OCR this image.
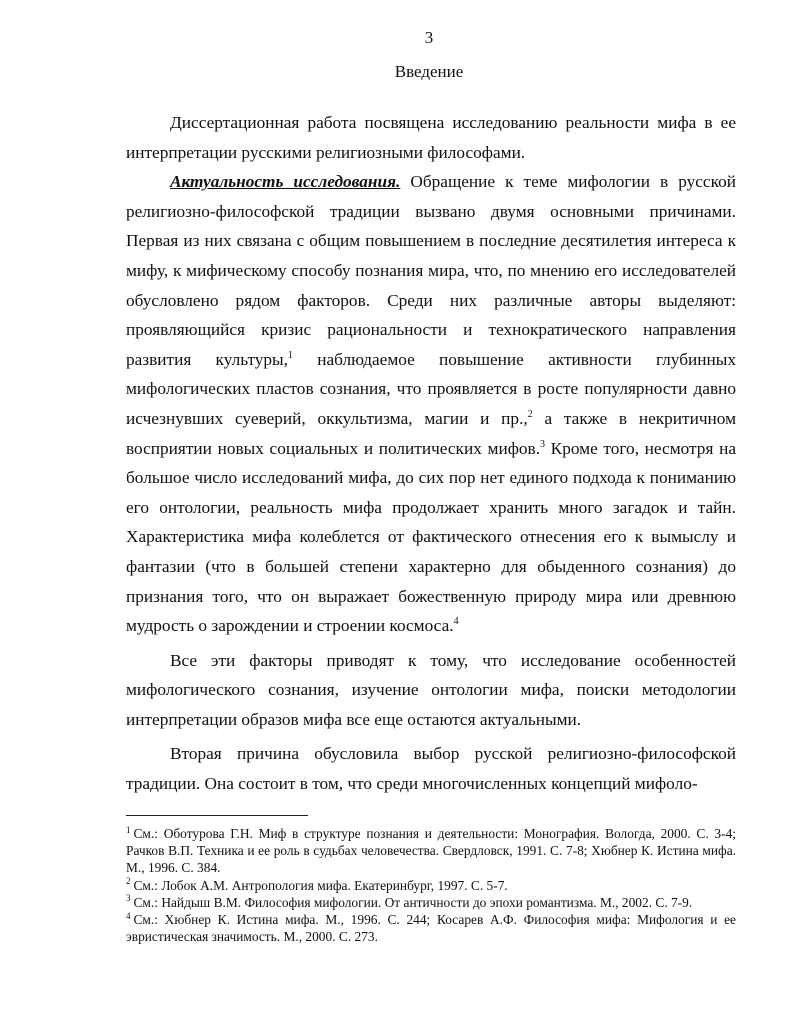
3
Введение

Диссертационная работа посвящена исследованию реальности мифа в ее интерпретации русскими религиозными философами.

Актуальность исследования. Обращение к теме мифологии в русской религиозно-философской традиции вызвано двумя основными причинами. Первая из них связана с общим повышением в последние десятилетия интереса к мифу, к мифическому способу познания мира, что, по мнению его исследователей обусловлено рядом факторов. Среди них различные авторы выделяют: проявляющийся кризис рациональности и технократического направления развития культуры,$^1$ наблюдаемое повышение активности глубинных мифологических пластов сознания, что проявляется в росте популярности давно исчезнувших суеверий, оккультизма, магии и пр.,$^2$ а также в некритичном восприятии новых социальных и политических мифов.$^3$ Кроме того, несмотря на большое число исследований мифа, до сих пор нет единого подхода к пониманию его онтологии, реальность мифа продолжает хранить много загадок и тайн. Характеристика мифа колеблется от фактического отнесения его к вымыслу и фантазии (что в большей степени характерно для обыденного сознания) до признания того, что он выражает божественную природу мира или древнюю мудрость о зарождении и строении космоса.$^4$

Все эти факторы приводят к тому, что исследование особенностей мифологического сознания, изучение онтологии мифа, поиски методологии интерпретации образов мифа все еще остаются актуальными.

Вторая причина обусловила выбор русской религиозно-философской традиции. Она состоит в том, что среди многочисленных концепций мифоло-

$^1$ См.: Оботурова Г.Н. Миф в структуре познания и деятельности: Монография. Вологда, 2000. С. 3-4; Рачков В.П. Техника и ее роль в судьбах человечества. Свердловск, 1991. С. 7-8; Хюбнер К. Истина мифа. М., 1996. С. 384.

$^2$ См.: Лобок А.М. Антропология мифа. Екатеринбург, 1997. С. 5-7.

$^3$ См.: Найдыш В.М. Философия мифологии. От античности до эпохи романтизма. М., 2002. С. 7-9.

$^4$ См.: Хюбнер К. Истина мифа. М., 1996. С. 244; Косарев А.Ф. Философия мифа: Мифология и ее эвристическая значимость. М., 2000. С. 273.
